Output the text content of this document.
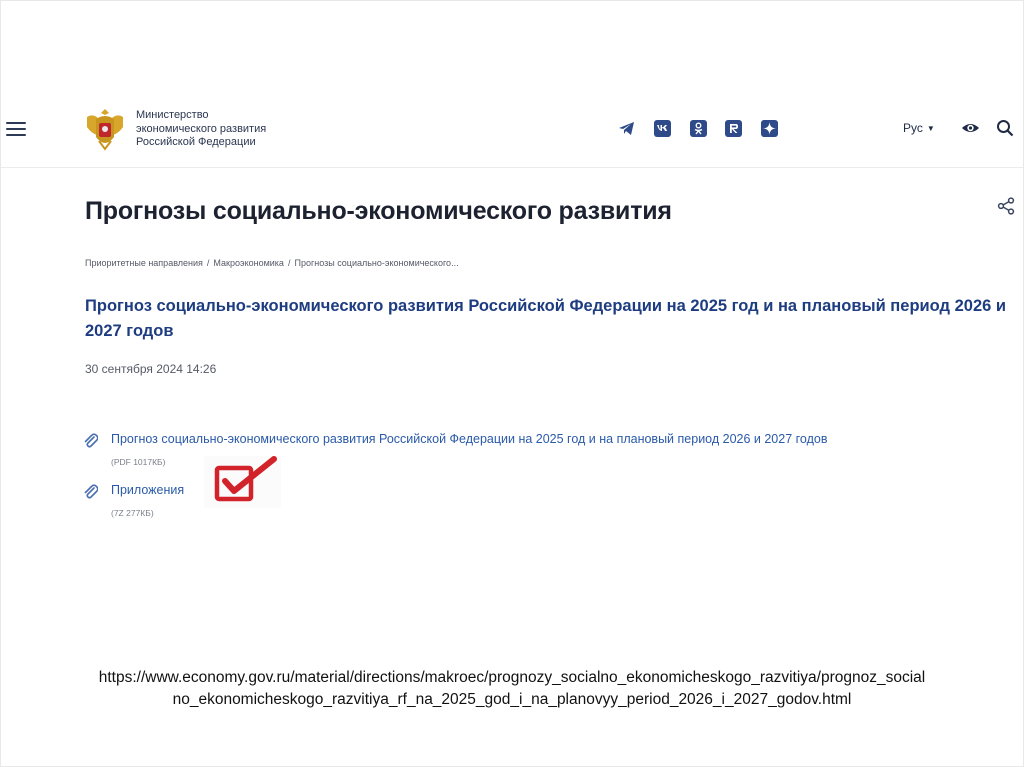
Министерство
экономического развития
Российской Федерации
Рус ▼
Прогнозы социально-экономического развития
Приоритетные направления / Макроэкономика / Прогнозы социально-экономического...
Прогноз социально-экономического развития Российской Федерации на 2025 год и на плановый период 2026 и 2027 годов
30 сентября 2024 14:26
Прогноз социально-экономического развития Российской Федерации на 2025 год и на плановый период 2026 и 2027 годов
(PDF 1017КБ)
Приложения
(7Z 277КБ)
https://www.economy.gov.ru/material/directions/makroec/prognozy_socialno_ekonomicheskogo_razvitiya/prognoz_social
no_ekonomicheskogo_razvitiya_rf_na_2025_god_i_na_planovyy_period_2026_i_2027_godov.html
